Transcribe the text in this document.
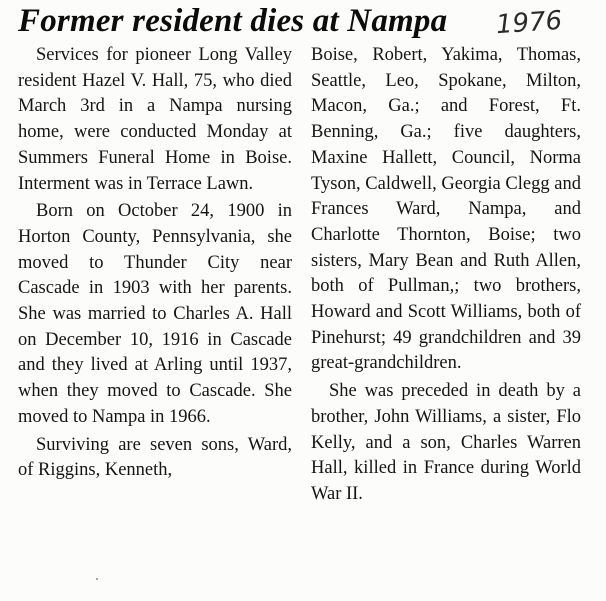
Former resident dies at Nampa 1976

Services for pioneer Long Valley resident Hazel V. Hall, 75, who died March 3rd in a Nampa nursing home, were conducted Monday at Summers Funeral Home in Boise. Interment was in Terrace Lawn.

Born on October 24, 1900 in Horton County, Pennsylvania, she moved to Thunder City near Cascade in 1903 with her parents. She was married to Charles A. Hall on December 10, 1916 in Cascade and they lived at Arling until 1937, when they moved to Cascade. She moved to Nampa in 1966.

Surviving are seven sons, Ward, of Riggins, Kenneth,

Boise, Robert, Yakima, Thomas, Seattle, Leo, Spokane, Milton, Macon, Ga.; and Forest, Ft. Benning, Ga.; five daughters, Maxine Hallett, Council, Norma Tyson, Caldwell, Georgia Clegg and Frances Ward, Nampa, and Charlotte Thornton, Boise; two sisters, Mary Bean and Ruth Allen, both of Pullman,; two brothers, Howard and Scott Williams, both of Pinehurst; 49 grandchildren and 39 great-grandchildren.

She was preceded in death by a brother, John Williams, a sister, Flo Kelly, and a son, Charles Warren Hall, killed in France during World War II.
